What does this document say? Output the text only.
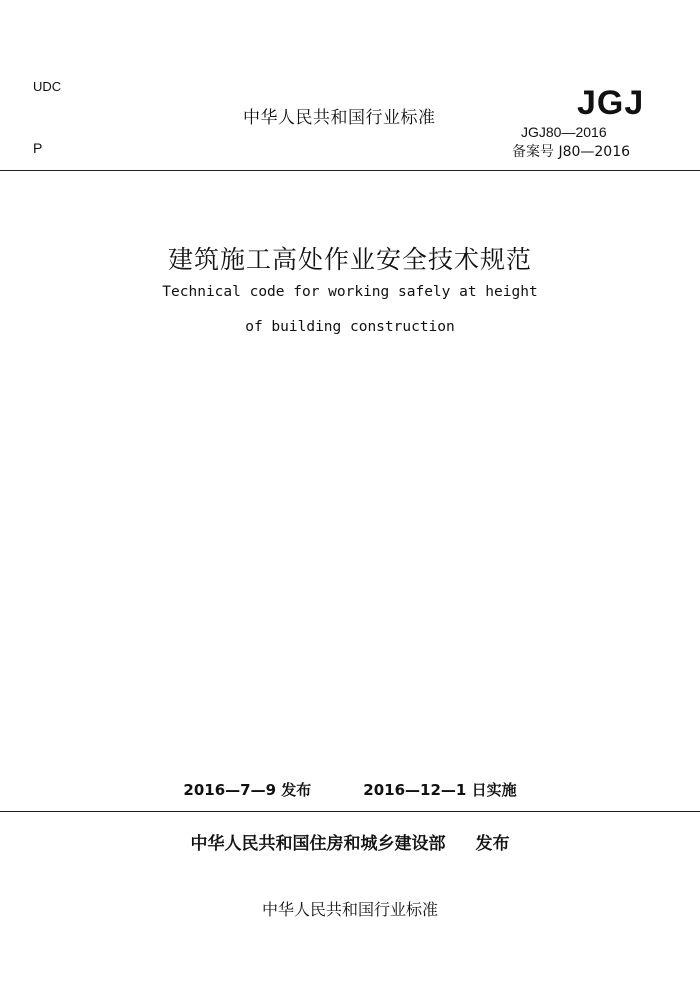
UDC
中华人民共和国行业标准	JGJ
JGJ80—2016
P	备案号 J80—2016
建筑施工高处作业安全技术规范
Technical code for working safely at height
of building construction
2016—7—9 发布	2016—12—1 日实施
中华人民共和国住房和城乡建设部 发布
中华人民共和国行业标准
